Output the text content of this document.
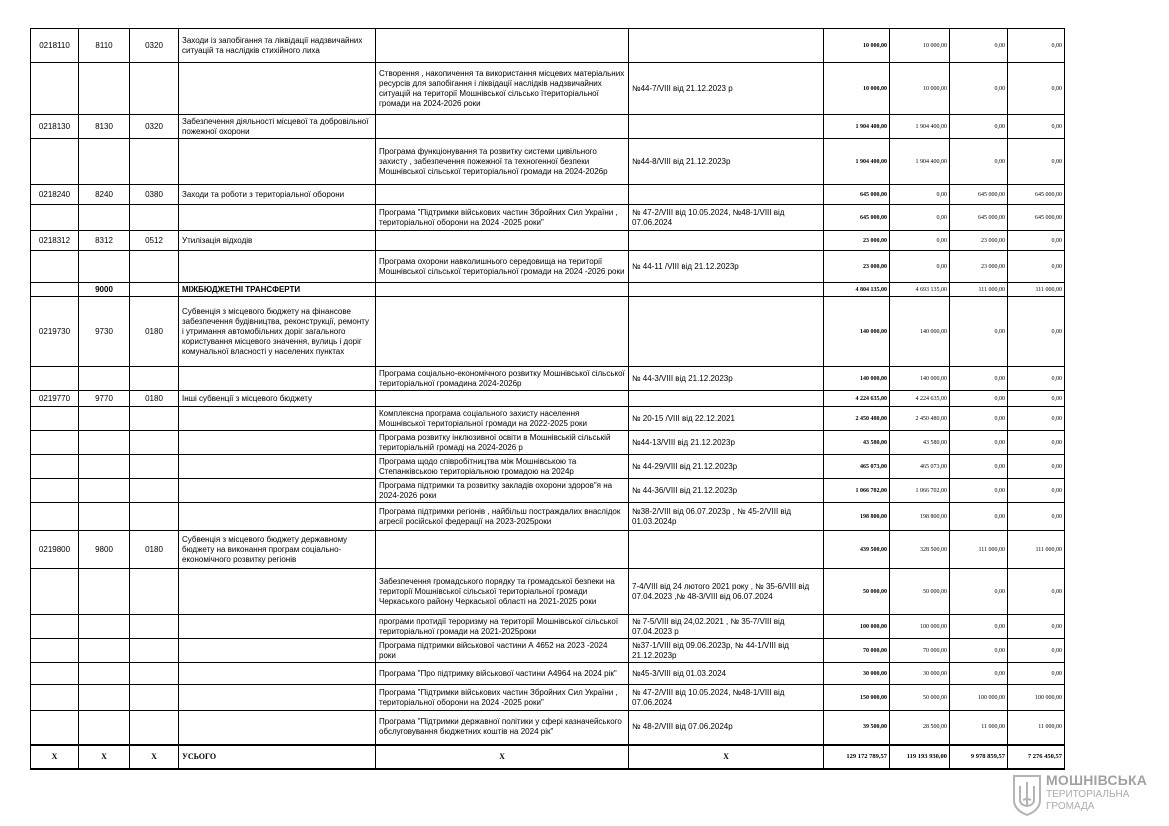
0218110	8110	0320	Заходи із запобігання та ліквідації надзвичайних ситуацій та наслідків стихійного лиха			10 000,00	10 000,00	0,00	0,00
				Створення , накопичення та використання місцевих матеріальних ресурсів для запобігання і ліквідації наслідків надзвичайних ситуацій на території Мошнівської сільсько їтериторіальної громади на 2024-2026 роки	№44-7/VIII від 21.12.2023 р	10 000,00	10 000,00	0,00	0,00
0218130	8130	0320	Забезпечення діяльності місцевої та добровільної пожежної охорони			1 904 400,00	1 904 400,00	0,00	0,00
				Програма функціонування та розвитку системи цивільного захисту , забезпечення пожежної та техногенної безпеки Мошнівської сільської територіальної громади на 2024-2026р	№44-8/VIII від 21.12.2023р	1 904 400,00	1 904 400,00	0,00	0,00
0218240	8240	0380	Заходи та роботи з територіальної оборони			645 000,00	0,00	645 000,00	645 000,00
				Програма "Підтримки військових частин Збройних Сил України , територіальної оборони на 2024 -2025 роки"	№ 47-2/VIII від 10.05.2024, №48-1/VIII від 07.06.2024	645 000,00	0,00	645 000,00	645 000,00
0218312	8312	0512	Утилізація відходів			23 000,00	0,00	23 000,00	0,00
				Програма охорони навколишнього середовища на території Мошнівської сільської територіальної громади на 2024 -2026 роки	№ 44-11 /VIII від 21.12.2023р	23 000,00	0,00	23 000,00	0,00
	9000		МІЖБЮДЖЕТНІ ТРАНСФЕРТИ			4 804 135,00	4 693 135,00	111 000,00	111 000,00
0219730	9730	0180	Субвенція з місцевого бюджету на фінансове забезпечення будівництва, реконструкції, ремонту і утримання автомобільних доріг загального користування місцевого значення, вулиць і доріг комунальної власності у населених пунктах			140 000,00	140 000,00	0,00	0,00
				Програма соціально-економічного розвитку Мошнівської сільської територіальної громадина 2024-2026р	№ 44-3/VIII від 21.12.2023р	140 000,00	140 000,00	0,00	0,00
0219770	9770	0180	Інші субвенції з місцевого бюджету			4 224 635,00	4 224 635,00	0,00	0,00
				Комплексна програма соціального захисту населення Мошнівської територіальної громади на 2022-2025 роки	№ 20-15 /VIII від 22.12.2021	2 450 480,00	2 450 480,00	0,00	0,00
				Програма розвитку інклюзивної освіти в Мошнівській сільській територіальній громаді на 2024-2026 р	№44-13/VIII від 21.12.2023р	43 580,00	43 580,00	0,00	0,00
				Програма щодо співробітництва між Мошнівською та Степанківською територіальною громадою на 2024р	№ 44-29/VIII від 21.12.2023р	465 073,00	465 073,00	0,00	0,00
				Програма підтримки та розвитку закладів охорони здоров"я на 2024-2026 роки	№ 44-36/VIII від 21.12.2023р	1 066 702,00	1 066 702,00	0,00	0,00
				Програма підтримки регіонів , найбільш постраждалих внаслідок агресії російської федерації на 2023-2025роки	№38-2/VIII від 06.07.2023р , № 45-2/VIII від 01.03.2024р	198 800,00	198 800,00	0,00	0,00
0219800	9800	0180	Субвенція з місцевого бюджету державному бюджету на виконання програм соціально-економічного розвитку регіонів			439 500,00	328 500,00	111 000,00	111 000,00
				Забезпечення громадського порядку та громадської безпеки на території Мошнівської сільської територіальної громади Черкаського району Черкаської області на 2021-2025 роки	7-4/VIII від 24 лютого 2021 року , № 35-6/VIII від 07.04.2023 ,№ 48-3/VIII від 06.07.2024	50 000,00	50 000,00	0,00	0,00
				програми протидії тероризму на території Мошнівської сільської територіальної громади на 2021-2025роки	№ 7-5/VIII від 24,02.2021 , № 35-7/VIII від 07.04.2023 р	100 000,00	100 000,00	0,00	0,00
				Програма підтримки військової частини А 4652 на 2023 -2024 роки	№37-1/VIII від 09.06.2023р, № 44-1/VIII від 21.12.2023р	70 000,00	70 000,00	0,00	0,00
				Програма "Про підтримку військової частини А4964 на 2024 рік"	№45-3/VIII від 01.03.2024	30 000,00	30 000,00	0,00	0,00
				Програма "Підтримки військових частин Збройних Сил України , територіальної оборони на 2024 -2025 роки"	№ 47-2/VIII від 10.05.2024, №48-1/VIII від 07.06.2024	150 000,00	50 000,00	100 000,00	100 000,00
				Програма "Підтримки державної політики у сфері казначейського обслуговування бюджетних коштів на 2024 рік"	№ 48-2/VIII від 07.06.2024р	39 500,00	28 500,00	11 000,00	11 000,00
X	X	X	УСЬОГО	X	X	129 172 789,57	119 193 930,00	9 978 859,57	7 276 450,57
МОШНІВСЬКА
ТЕРИТОРІАЛЬНА
ГРОМАДА
